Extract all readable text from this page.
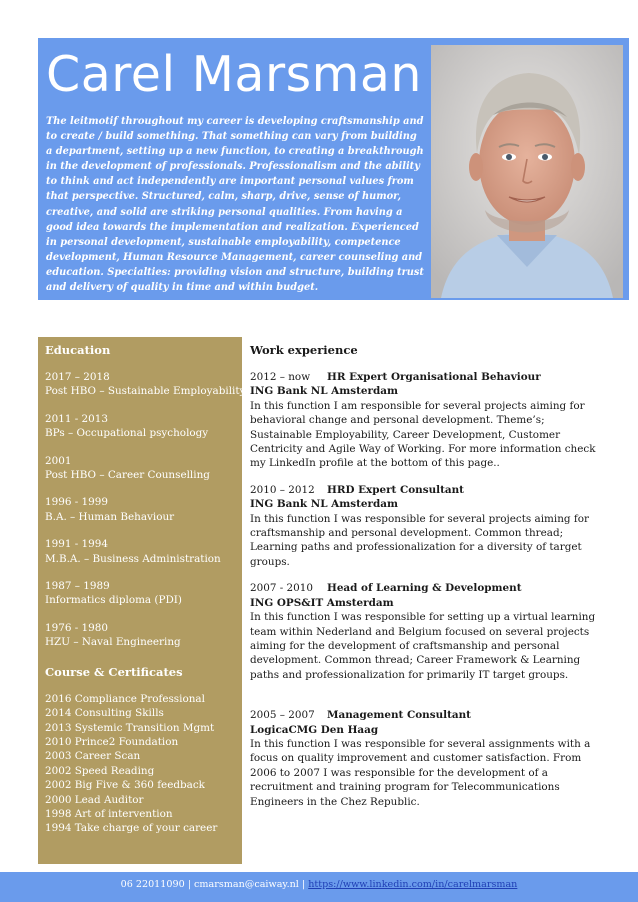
Carel Marsman
The leitmotif throughout my career is developing craftsmanship and to create / build something. That something can vary from building a department, setting up a new function, to creating a breakthrough in the development of professionals. Professionalism and the ability to think and act independently are important personal values from that perspective. Structured, calm, sharp, drive, sense of humor, creative, and solid are striking personal qualities. From having a good idea towards the implementation and realization. Experienced in personal development, sustainable employability, competence development, Human Resource Management, career counseling and education. Specialties: providing vision and structure, building trust and delivery of quality in time and within budget.
Education
2017 – 2018
Post HBO – Sustainable Employability
2011 - 2013
BPs – Occupational psychology
2001
Post HBO – Career Counselling
1996 - 1999
B.A. – Human Behaviour
1991 - 1994
M.B.A. – Business Administration
1987 – 1989
Informatics diploma (PDI)
1976 - 1980
HZU – Naval Engineering
Course & Certificates
2016 Compliance Professional
2014 Consulting Skills
2013 Systemic Transition Mgmt
2010 Prince2 Foundation
2003 Career Scan
2002 Speed Reading
2002 Big Five & 360 feedback
2000 Lead Auditor
1998 Art of intervention
1994 Take charge of your career
Work experience
2012 – now HR Expert Organisational Behaviour
ING Bank NL Amsterdam
In this function I am responsible for several projects aiming for behavioral change and personal development. Theme’s; Sustainable Employability, Career Development, Customer Centricity and Agile Way of Working. For more information check my LinkedIn profile at the bottom of this page..
2010 – 2012 HRD Expert Consultant
ING Bank NL Amsterdam
In this function I was responsible for several projects aiming for craftsmanship and personal development. Common thread; Learning paths and professionalization for a diversity of target groups.
2007 - 2010 Head of Learning & Development
ING OPS&IT Amsterdam
In this function I was responsible for setting up a virtual learning team within Nederland and Belgium focused on several projects aiming for the development of craftsmanship and personal development. Common thread; Career Framework & Learning paths and professionalization for primarily IT target groups.
2005 – 2007 Management Consultant
LogicaCMG Den Haag
In this function I was responsible for several assignments with a focus on quality improvement and customer satisfaction. From 2006 to 2007 I was responsible for the development of a recruitment and training program for Telecommunications Engineers in the Chez Republic.
06 22011090 | cmarsman@caiway.nl | https://www.linkedin.com/in/carelmarsman
